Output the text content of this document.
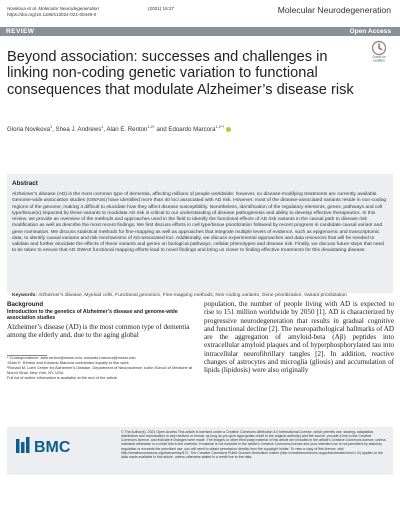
Novikova et al. Molecular Neurodegeneration
https://doi.org/10.1186/s13024-021-00449-0
(2021) 16:27	Molecular Neurodegeneration
REVIEW	Open Access
Check for
updates
Beyond association: successes and challenges in linking non-coding genetic variation to functional consequences that modulate Alzheimer’s disease risk
Gloria Novikova$^1$, Shea J. Andrews$^1$, Alan E. Renton$^{1,2\dagger}$ and Edoardo Marcora$^{1,2*\dagger}$
Abstract

Alzheimer’s disease (AD) is the most common type of dementia, affecting millions of people worldwide; however, no disease-modifying treatments are currently available. Genome-wide association studies (GWASs) have identified more than 40 loci associated with AD risk. However, most of the disease-associated variants reside in non-coding regions of the genome, making it difficult to elucidate how they affect disease susceptibility. Nonetheless, identification of the regulatory elements, genes, pathways and cell type/tissue(s) impacted by these variants to modulate AD risk is critical to our understanding of disease pathogenesis and ability to develop effective therapeutics. In this review, we provide an overview of the methods and approaches used in the field to identify the functional effects of AD risk variants in the causal path to disease risk modification as well as describe the most recent findings. We first discuss efforts in cell type/tissue prioritization followed by recent progress in candidate causal variant and gene nomination. We discuss statistical methods for fine-mapping as well as approaches that integrate multiple levels of evidence, such as epigenomic and transcriptomic data, to identify causal variants and risk mechanisms of AD-associated loci. Additionally, we discuss experimental approaches and data resources that will be needed to validate and further elucidate the effects of these variants and genes on biological pathways, cellular phenotypes and disease risk. Finally, we discuss future steps that need to be taken to ensure that AD GWAS functional mapping efforts lead to novel findings and bring us closer to finding effective treatments for this devastating disease.

Keywords: Alzheimer’s disease, Myeloid cells, Functional genomics, Fine-mapping methods, Non-coding variants, Gene prioritization, Variant prioritization

Background
Introduction to the genetics of Alzheimer’s disease and genome-wide association studies

Alzheimer’s disease (AD) is the most common type of dementia among the elderly and, due to the aging global

population, the number of people living with AD is expected to rise to 151 million worldwide by 2050 [1]. AD is characterized by progressive neurodegeneration that results in gradual cognitive and functional decline [2]. The neuropathological hallmarks of AD are the aggregation of amyloid-beta (Aβ) peptides into extracellular amyloid plaques and of hyperphosphorylated tau into intracellular neurofibrillary tangles [2]. In addition, reactive changes of astrocytes and microglia (gliosis) and accumulation of lipids (lipidosis) were also originally

* Correspondence: alan.renton@mssm.edu; edoardo.marcora@mssm.edu
†Alan E. Renton and Edoardo Marcora contributed equally to this work.
¹Ronald M. Loeb Center for Alzheimer’s Disease, Department of Neuroscience, Icahn School of Medicine at Mount Sinai, New York, NY, USA
Full list of author information is available at the end of the article
BMC

© The Author(s). 2021 Open Access This article is licensed under a Creative Commons Attribution 4.0 International License, which permits use, sharing, adaptation, distribution and reproduction in any medium or format, as long as you give appropriate credit to the original author(s) and the source, provide a link to the Creative Commons licence, and indicate if changes were made. The images or other third party material in this article are included in the article’s Creative Commons licence, unless indicated otherwise in a credit line to the material. If material is not included in the article’s Creative Commons licence and your intended use is not permitted by statutory regulation or exceeds the permitted use, you will need to obtain permission directly from the copyright holder. To view a copy of this licence, visit http://creativecommons.org/licenses/by/4.0/. The Creative Commons Public Domain Dedication waiver (http://creativecommons.org/publicdomain/zero/1.0/) applies to the data made available in this article, unless otherwise stated in a credit line to the data.
